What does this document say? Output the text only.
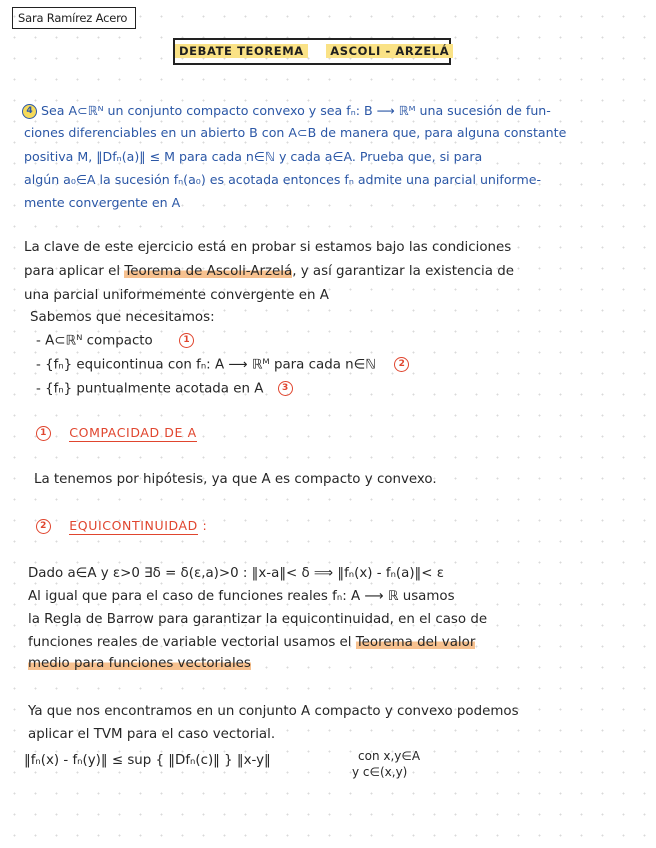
Sara Ramírez Acero
DEBATE TEOREMA ASCOLI - ARZELÁ
4 Sea A⊂ℝᴺ un conjunto compacto convexo y sea fₙ: B ⟶ ℝᴹ una sucesión de fun-
ciones diferenciables en un abierto B con A⊂B de manera que, para alguna constante
positiva M, ‖Dfₙ(a)‖ ≤ M para cada n∈ℕ y cada a∈A. Prueba que, si para
algún a₀∈A la sucesión fₙ(a₀) es acotada entonces fₙ admite una parcial uniforme-
mente convergente en A
La clave de este ejercicio está en probar si estamos bajo las condiciones
para aplicar el Teorema de Ascoli-Arzelá, y así garantizar la existencia de
una parcial uniformemente convergente en A
Sabemos que necesitamos:
- A⊂ℝᴺ compacto	1
- {fₙ} equicontinua con fₙ: A ⟶ ℝᴹ para cada n∈ℕ	2
- {fₙ} puntualmente acotada en A 3
1 COMPACIDAD DE A
La tenemos por hipótesis, ya que A es compacto y convexo.
2 EQUICONTINUIDAD :
Dado a∈A y ε>0 ∃δ = δ(ε,a)>0 : ‖x-a‖< δ ⟹ ‖fₙ(x) - fₙ(a)‖< ε
Al igual que para el caso de funciones reales fₙ: A ⟶ ℝ usamos
la Regla de Barrow para garantizar la equicontinuidad, en el caso de
funciones reales de variable vectorial usamos el Teorema del valor
medio para funciones vectoriales
Ya que nos encontramos en un conjunto A compacto y convexo podemos
aplicar el TVM para el caso vectorial.
‖fₙ(x) - fₙ(y)‖ ≤ sup { ‖Dfₙ(c)‖ } ‖x-y‖	con x,y∈A
y c∈(x,y)
